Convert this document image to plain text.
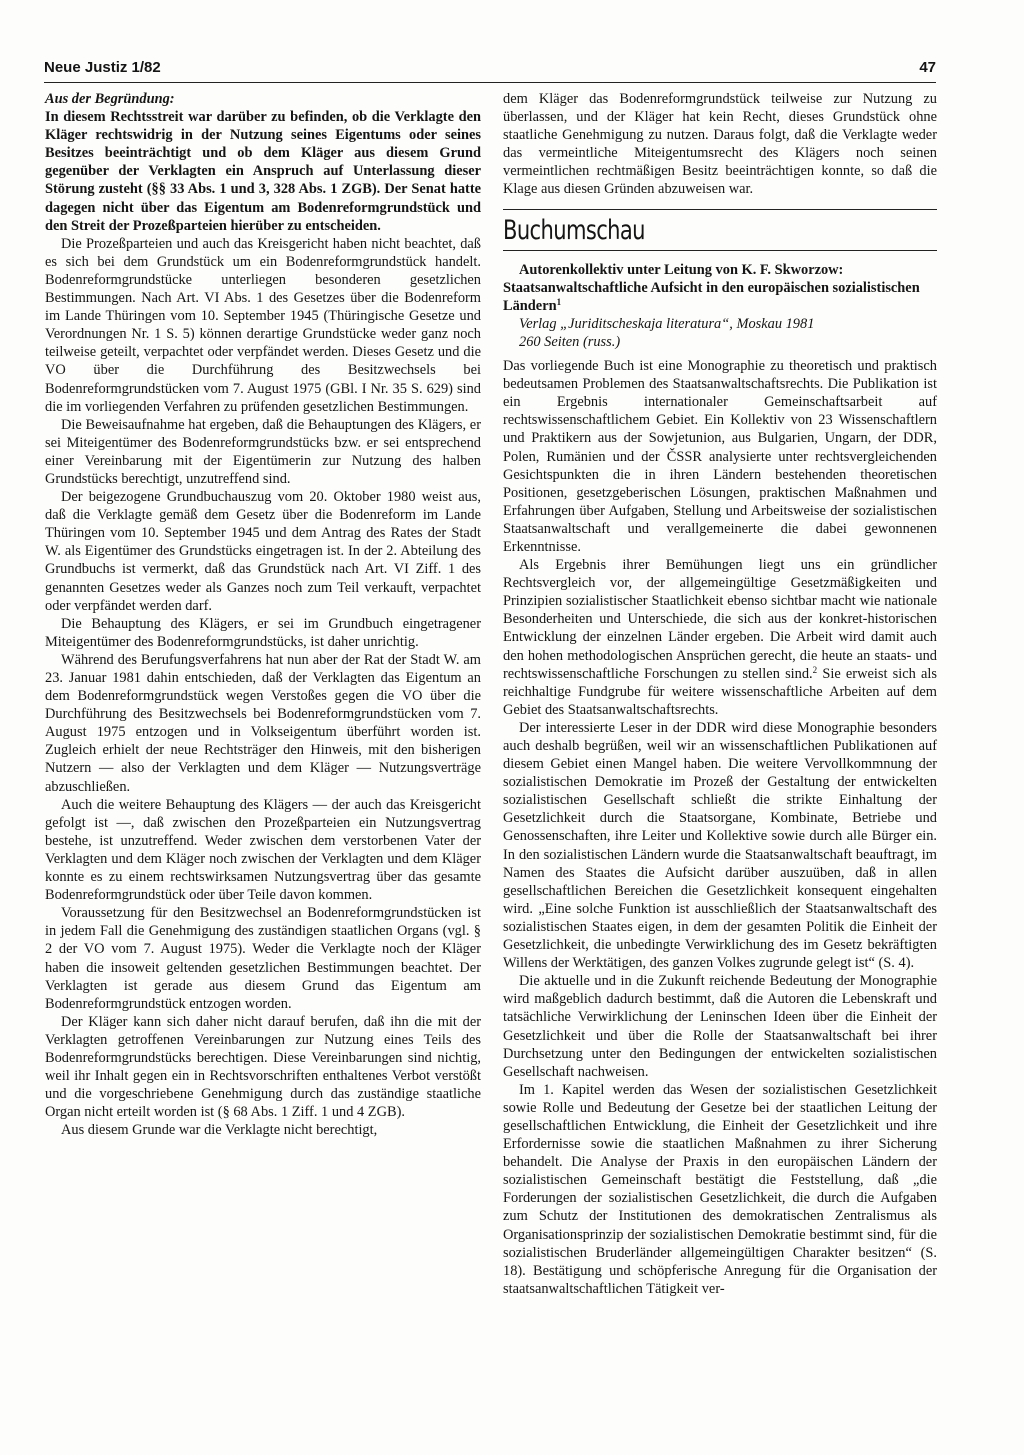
Neue Justiz 1/82	47

Aus der Begründung:

In diesem Rechtsstreit war darüber zu befinden, ob die Verklagte den Kläger rechtswidrig in der Nutzung seines Eigentums oder seines Besitzes beeinträchtigt und ob dem Kläger aus diesem Grund gegenüber der Verklagten ein Anspruch auf Unterlassung dieser Störung zusteht (§§ 33 Abs. 1 und 3, 328 Abs. 1 ZGB). Der Senat hatte dagegen nicht über das Eigentum am Bodenreformgrundstück und den Streit der Prozeßparteien hierüber zu entscheiden.

Die Prozeßparteien und auch das Kreisgericht haben nicht beachtet, daß es sich bei dem Grundstück um ein Bodenreformgrundstück handelt. Bodenreformgrundstücke unterliegen besonderen gesetzlichen Bestimmungen. Nach Art. VI Abs. 1 des Gesetzes über die Bodenreform im Lande Thüringen vom 10. September 1945 (Thüringische Gesetze und Verordnungen Nr. 1 S. 5) können derartige Grundstücke weder ganz noch teilweise geteilt, verpachtet oder verpfändet werden. Dieses Gesetz und die VO über die Durchführung des Besitzwechsels bei Bodenreformgrundstücken vom 7. August 1975 (GBl. I Nr. 35 S. 629) sind die im vorliegenden Verfahren zu prüfenden gesetzlichen Bestimmungen.

Die Beweisaufnahme hat ergeben, daß die Behauptungen des Klägers, er sei Miteigentümer des Bodenreformgrundstücks bzw. er sei entsprechend einer Vereinbarung mit der Eigentümerin zur Nutzung des halben Grundstücks berechtigt, unzutreffend sind.

Der beigezogene Grundbuchauszug vom 20. Oktober 1980 weist aus, daß die Verklagte gemäß dem Gesetz über die Bodenreform im Lande Thüringen vom 10. September 1945 und dem Antrag des Rates der Stadt W. als Eigentümer des Grundstücks eingetragen ist. In der 2. Abteilung des Grundbuchs ist vermerkt, daß das Grundstück nach Art. VI Ziff. 1 des genannten Gesetzes weder als Ganzes noch zum Teil verkauft, verpachtet oder verpfändet werden darf.

Die Behauptung des Klägers, er sei im Grundbuch eingetragener Miteigentümer des Bodenreformgrundstücks, ist daher unrichtig.

Während des Berufungsverfahrens hat nun aber der Rat der Stadt W. am 23. Januar 1981 dahin entschieden, daß der Verklagten das Eigentum an dem Bodenreformgrundstück wegen Verstoßes gegen die VO über die Durchführung des Besitzwechsels bei Bodenreformgrundstücken vom 7. August 1975 entzogen und in Volkseigentum überführt worden ist. Zugleich erhielt der neue Rechtsträger den Hinweis, mit den bisherigen Nutzern — also der Verklagten und dem Kläger — Nutzungsverträge abzuschließen.

Auch die weitere Behauptung des Klägers — der auch das Kreisgericht gefolgt ist —, daß zwischen den Prozeßparteien ein Nutzungsvertrag bestehe, ist unzutreffend. Weder zwischen dem verstorbenen Vater der Verklagten und dem Kläger noch zwischen der Verklagten und dem Kläger konnte es zu einem rechtswirksamen Nutzungsvertrag über das gesamte Bodenreformgrundstück oder über Teile davon kommen.

Voraussetzung für den Besitzwechsel an Bodenreformgrundstücken ist in jedem Fall die Genehmigung des zuständigen staatlichen Organs (vgl. § 2 der VO vom 7. August 1975). Weder die Verklagte noch der Kläger haben die insoweit geltenden gesetzlichen Bestimmungen beachtet. Der Verklagten ist gerade aus diesem Grund das Eigentum am Bodenreformgrundstück entzogen worden.

Der Kläger kann sich daher nicht darauf berufen, daß ihn die mit der Verklagten getroffenen Vereinbarungen zur Nutzung eines Teils des Bodenreformgrundstücks berechtigen. Diese Vereinbarungen sind nichtig, weil ihr Inhalt gegen ein in Rechtsvorschriften enthaltenes Verbot verstößt und die vorgeschriebene Genehmigung durch das zuständige staatliche Organ nicht erteilt worden ist (§ 68 Abs. 1 Ziff. 1 und 4 ZGB).

Aus diesem Grunde war die Verklagte nicht berechtigt,

dem Kläger das Bodenreformgrundstück teilweise zur Nutzung zu überlassen, und der Kläger hat kein Recht, dieses Grundstück ohne staatliche Genehmigung zu nutzen. Daraus folgt, daß die Verklagte weder das vermeintliche Miteigentumsrecht des Klägers noch seinen vermeintlichen rechtmäßigen Besitz beeinträchtigen konnte, so daß die Klage aus diesen Gründen abzuweisen war.

Buchumschau

Autorenkollektiv unter Leitung von K. F. Skworzow: Staatsanwaltschaftliche Aufsicht in den europäischen sozialistischen Ländern$^1$

Verlag „Juriditscheskaja literatura“, Moskau 1981

260 Seiten (russ.)

Das vorliegende Buch ist eine Monographie zu theoretisch und praktisch bedeutsamen Problemen des Staatsanwaltschaftsrechts. Die Publikation ist ein Ergebnis internationaler Gemeinschaftsarbeit auf rechtswissenschaftlichem Gebiet. Ein Kollektiv von 23 Wissenschaftlern und Praktikern aus der Sowjetunion, aus Bulgarien, Ungarn, der DDR, Polen, Rumänien und der ČSSR analysierte unter rechtsvergleichenden Gesichtspunkten die in ihren Ländern bestehenden theoretischen Positionen, gesetzgeberischen Lösungen, praktischen Maßnahmen und Erfahrungen über Aufgaben, Stellung und Arbeitsweise der sozialistischen Staatsanwaltschaft und verallgemeinerte die dabei gewonnenen Erkenntnisse.

Als Ergebnis ihrer Bemühungen liegt uns ein gründlicher Rechtsvergleich vor, der allgemeingültige Gesetzmäßigkeiten und Prinzipien sozialistischer Staatlichkeit ebenso sichtbar macht wie nationale Besonderheiten und Unterschiede, die sich aus der konkret-historischen Entwicklung der einzelnen Länder ergeben. Die Arbeit wird damit auch den hohen methodologischen Ansprüchen gerecht, die heute an staats- und rechtswissenschaftliche Forschungen zu stellen sind.$^2$ Sie erweist sich als reichhaltige Fundgrube für weitere wissenschaftliche Arbeiten auf dem Gebiet des Staatsanwaltschaftsrechts.

Der interessierte Leser in der DDR wird diese Monographie besonders auch deshalb begrüßen, weil wir an wissenschaftlichen Publikationen auf diesem Gebiet einen Mangel haben. Die weitere Vervollkommnung der sozialistischen Demokratie im Prozeß der Gestaltung der entwickelten sozialistischen Gesellschaft schließt die strikte Einhaltung der Gesetzlichkeit durch die Staatsorgane, Kombinate, Betriebe und Genossenschaften, ihre Leiter und Kollektive sowie durch alle Bürger ein. In den sozialistischen Ländern wurde die Staatsanwaltschaft beauftragt, im Namen des Staates die Aufsicht darüber auszuüben, daß in allen gesellschaftlichen Bereichen die Gesetzlichkeit konsequent eingehalten wird. „Eine solche Funktion ist ausschließlich der Staatsanwaltschaft des sozialistischen Staates eigen, in dem der gesamten Politik die Einheit der Gesetzlichkeit, die unbedingte Verwirklichung des im Gesetz bekräftigten Willens der Werktätigen, des ganzen Volkes zugrunde gelegt ist“ (S. 4).

Die aktuelle und in die Zukunft reichende Bedeutung der Monographie wird maßgeblich dadurch bestimmt, daß die Autoren die Lebenskraft und tatsächliche Verwirklichung der Leninschen Ideen über die Einheit der Gesetzlichkeit und über die Rolle der Staatsanwaltschaft bei ihrer Durchsetzung unter den Bedingungen der entwickelten sozialistischen Gesellschaft nachweisen.

Im 1. Kapitel werden das Wesen der sozialistischen Gesetzlichkeit sowie Rolle und Bedeutung der Gesetze bei der staatlichen Leitung der gesellschaftlichen Entwicklung, die Einheit der Gesetzlichkeit und ihre Erfordernisse sowie die staatlichen Maßnahmen zu ihrer Sicherung behandelt. Die Analyse der Praxis in den europäischen Ländern der sozialistischen Gemeinschaft bestätigt die Feststellung, daß „die Forderungen der sozialistischen Gesetzlichkeit, die durch die Aufgaben zum Schutz der Institutionen des demokratischen Zentralismus als Organisationsprinzip der sozialistischen Demokratie bestimmt sind, für die sozialistischen Bruderländer allgemeingültigen Charakter besitzen“ (S. 18). Bestätigung und schöpferische Anregung für die Organisation der staatsanwaltschaftlichen Tätigkeit ver-
